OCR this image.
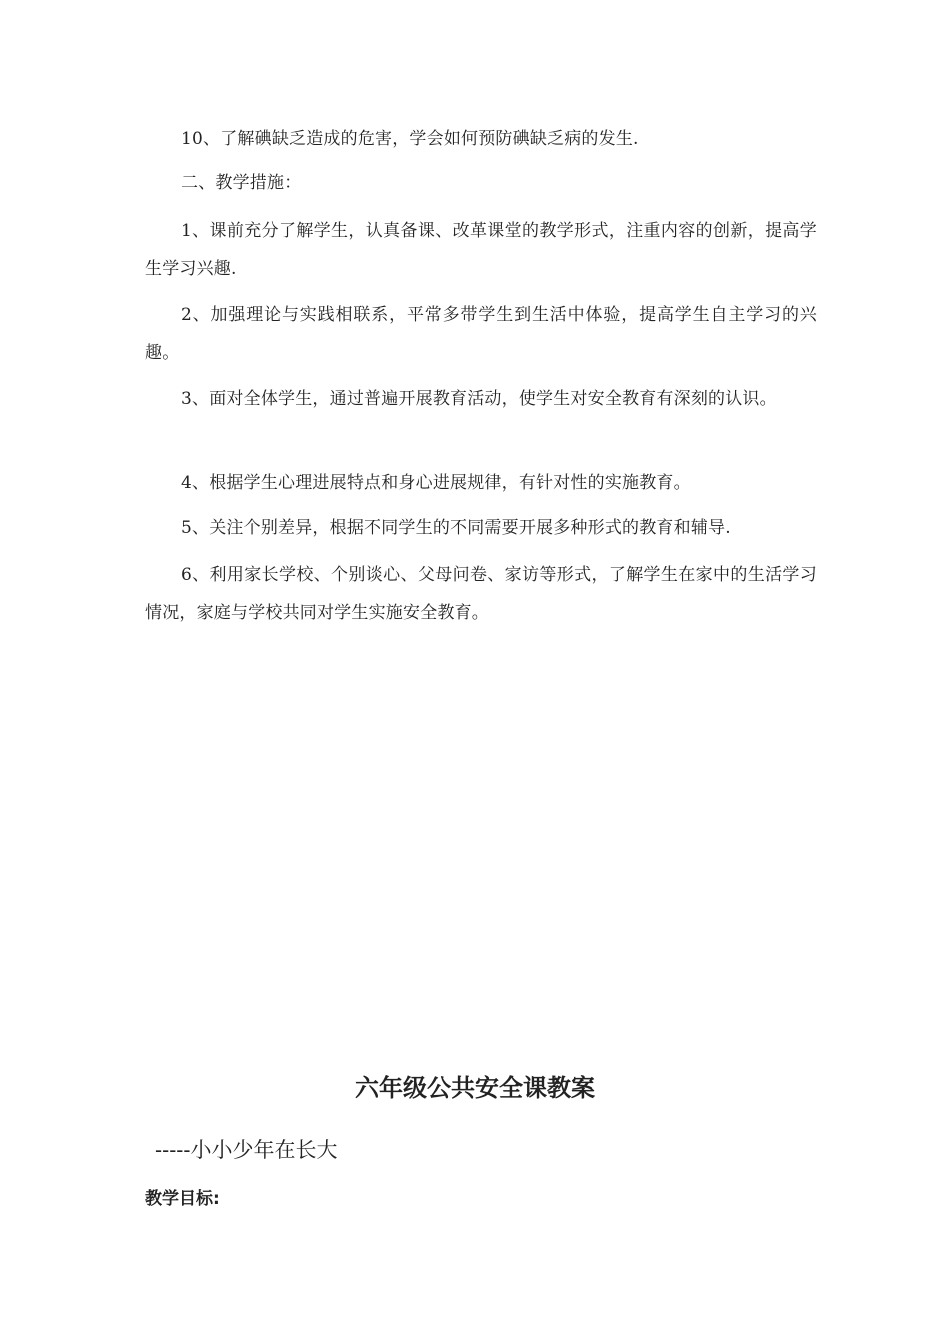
10、了解碘缺乏造成的危害，学会如何预防碘缺乏病的发生.

二、教学措施：

1、课前充分了解学生，认真备课、改革课堂的教学形式，注重内容的创新，提高学生学习兴趣.

2、加强理论与实践相联系，平常多带学生到生活中体验，提高学生自主学习的兴趣。

3、面对全体学生，通过普遍开展教育活动，使学生对安全教育有深刻的认识。

4、根据学生心理进展特点和身心进展规律，有针对性的实施教育。

5、关注个别差异，根据不同学生的不同需要开展多种形式的教育和辅导.

6、利用家长学校、个别谈心、父母问卷、家访等形式，了解学生在家中的生活学习情况，家庭与学校共同对学生实施安全教育。

六年级公共安全课教案

-----小小少年在长大

教学目标:
